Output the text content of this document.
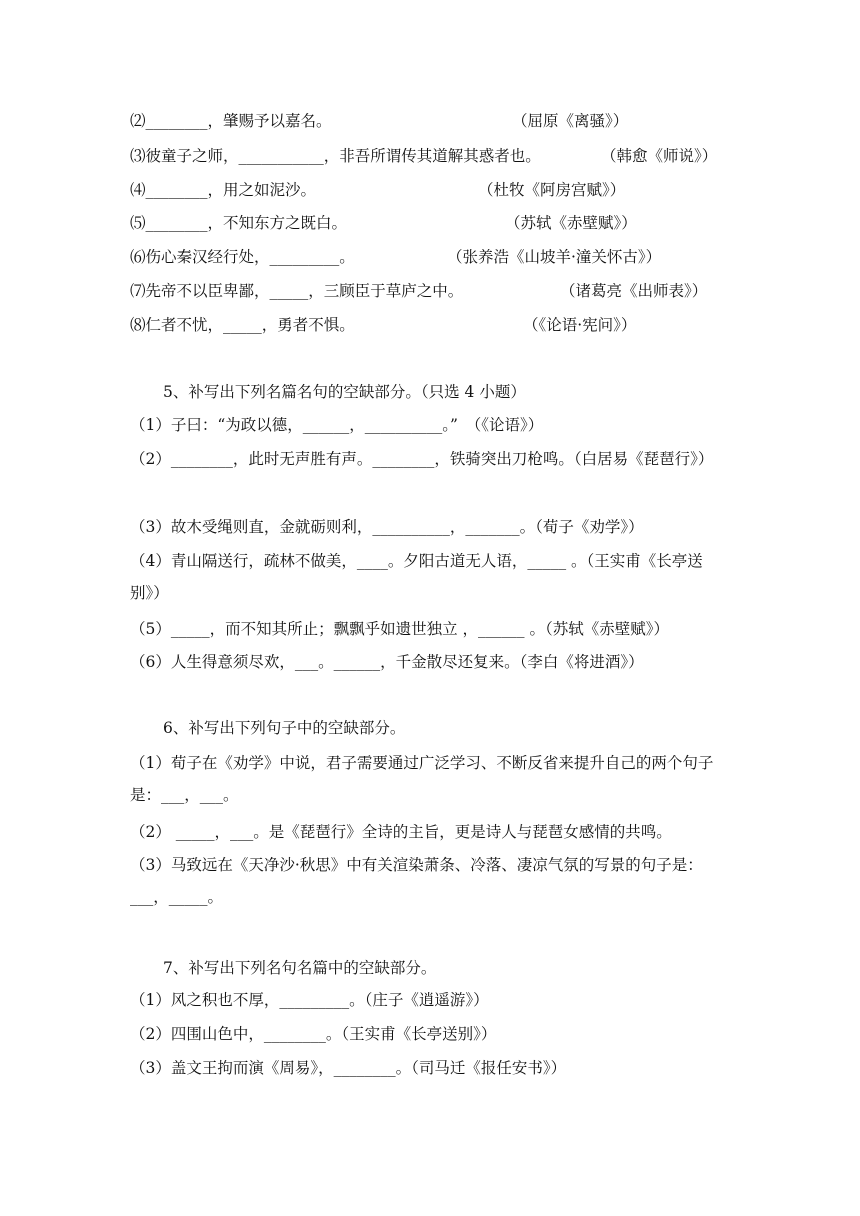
⑵________，肇赐予以嘉名。	（屈原《离骚》）
⑶彼童子之师，___________，非吾所谓传其道解其惑者也。	（韩愈《师说》）
⑷________，用之如泥沙。	（杜牧《阿房宫赋》）
⑸________，不知东方之既白。	（苏轼《赤壁赋》）
⑹伤心秦汉经行处，_________。	（张养浩《山坡羊·潼关怀古》）
⑺先帝不以臣卑鄙，_____，三顾臣于草庐之中。	（诸葛亮《出师表》）
⑻仁者不忧，_____，勇者不惧。	（《论语·宪问》）
5、补写出下列名篇名句的空缺部分。（只选 4 小题）
（1）子曰：“为政以德，______，__________。”　（《论语》）
（2）________，此时无声胜有声。________，铁骑突出刀枪鸣。（白居易《琵琶行》）
（3）故木受绳则直，金就砺则利，__________，_______。（荀子《劝学》）
（4）青山隔送行，疏林不做美，____。夕阳古道无人语，_____ 。（王实甫《长亭送别》）
（5）_____，而不知其所止；飘飘乎如遗世独立 ，______ 。（苏轼《赤壁赋》）
（6）人生得意须尽欢，___。______，千金散尽还复来。（李白《将进酒》）
6、补写出下列句子中的空缺部分。
（1）荀子在《劝学》中说，君子需要通过广泛学习、不断反省来提升自己的两个句子是：___，___。
（2） _____，___。是《琵琶行》全诗的主旨，更是诗人与琵琶女感情的共鸣。
（3）马致远在《天净沙·秋思》中有关渲染萧条、冷落、凄凉气氛的写景的句子是：___，_____。
7、补写出下列名句名篇中的空缺部分。
（1）风之积也不厚，_________。（庄子《逍遥游》）
（2）四围山色中，________。（王实甫《长亭送别》）
（3）盖文王拘而演《周易》，________。（司马迁《报任安书》）
